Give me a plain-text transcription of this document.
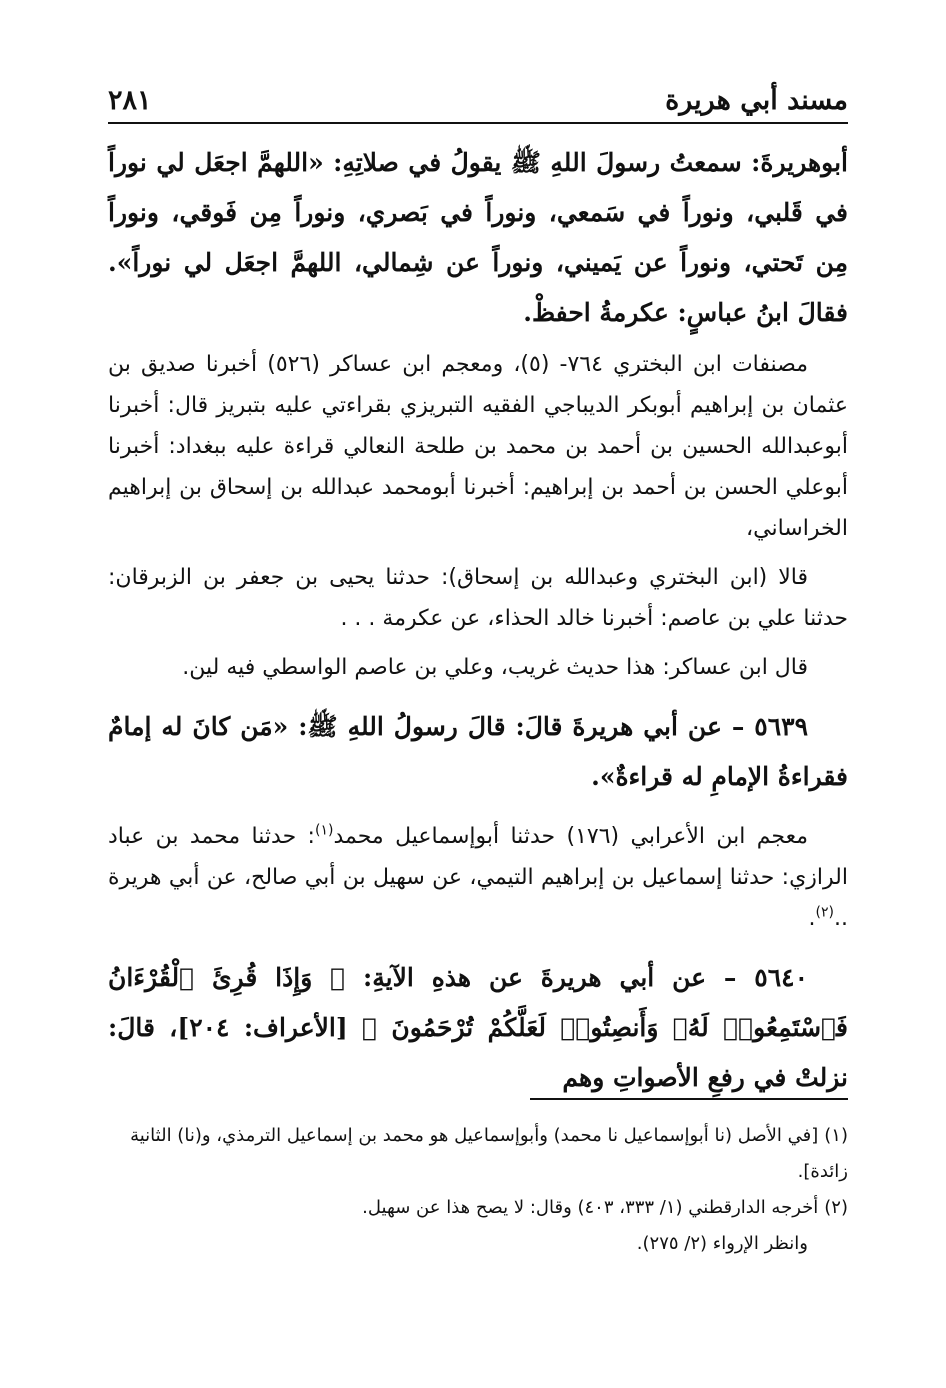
مسند أبي هريرة
٢٨١

أبوهريرةَ: سمعتُ رسولَ اللهِ ﷺ يقولُ في صلاتِهِ: «اللهمَّ اجعَل لي نوراً في قَلبي، ونوراً في سَمعي، ونوراً في بَصري، ونوراً مِن فَوقي، ونوراً مِن تَحتي، ونوراً عن يَميني، ونوراً عن شِمالي، اللهمَّ اجعَل لي نوراً». فقالَ ابنُ عباسٍ: عكرمةُ احفظْ.

مصنفات ابن البختري ٧٦٤- (٥)، ومعجم ابن عساكر (٥٢٦) أخبرنا صديق بن عثمان بن إبراهيم أبوبكر الديباجي الفقيه التبريزي بقراءتي عليه بتبريز قال: أخبرنا أبوعبدالله الحسين بن أحمد بن محمد بن طلحة النعالي قراءة عليه ببغداد: أخبرنا أبوعلي الحسن بن أحمد بن إبراهيم: أخبرنا أبومحمد عبدالله بن إسحاق بن إبراهيم الخراساني،

قالا (ابن البختري وعبدالله بن إسحاق): حدثنا يحيى بن جعفر بن الزبرقان: حدثنا علي بن عاصم: أخبرنا خالد الحذاء، عن عكرمة . . .

قال ابن عساكر: هذا حديث غريب، وعلي بن عاصم الواسطي فيه لين.

٥٦٣٩ – عن أبي هريرةَ قالَ: قالَ رسولُ اللهِ ﷺ: «مَن كانَ له إمامٌ فقراءةُ الإمامِ له قراءةٌ».

معجم ابن الأعرابي (١٧٦) حدثنا أبوإسماعيل محمد$^{(١)}$: حدثنا محمد بن عباد الرازي: حدثنا إسماعيل بن إبراهيم التيمي، عن سهيل بن أبي صالح، عن أبي هريرة ..$^{(٢)}$.

٥٦٤٠ – عن أبي هريرةَ عن هذهِ الآيةِ: ﴿ وَإِذَا قُرِئَ ٱلْقُرْءَانُ فَٱسْتَمِعُوا۟ لَهُۥ وَأَنصِتُوا۟ لَعَلَّكُمْ تُرْحَمُونَ ﴾ [الأعراف: ٢٠٤]، قالَ: نزلتْ في رفعِ الأصواتِ وهم

(١)[في الأصل (نا أبوإسماعيل نا محمد) وأبوإسماعيل هو محمد بن إسماعيل الترمذي، و(نا) الثانية زائدة].

(٢)أخرجه الدارقطني (١/ ٣٣٣، ٤٠٣) وقال: لا يصح هذا عن سهيل.

وانظر الإرواء (٢/ ٢٧٥).
